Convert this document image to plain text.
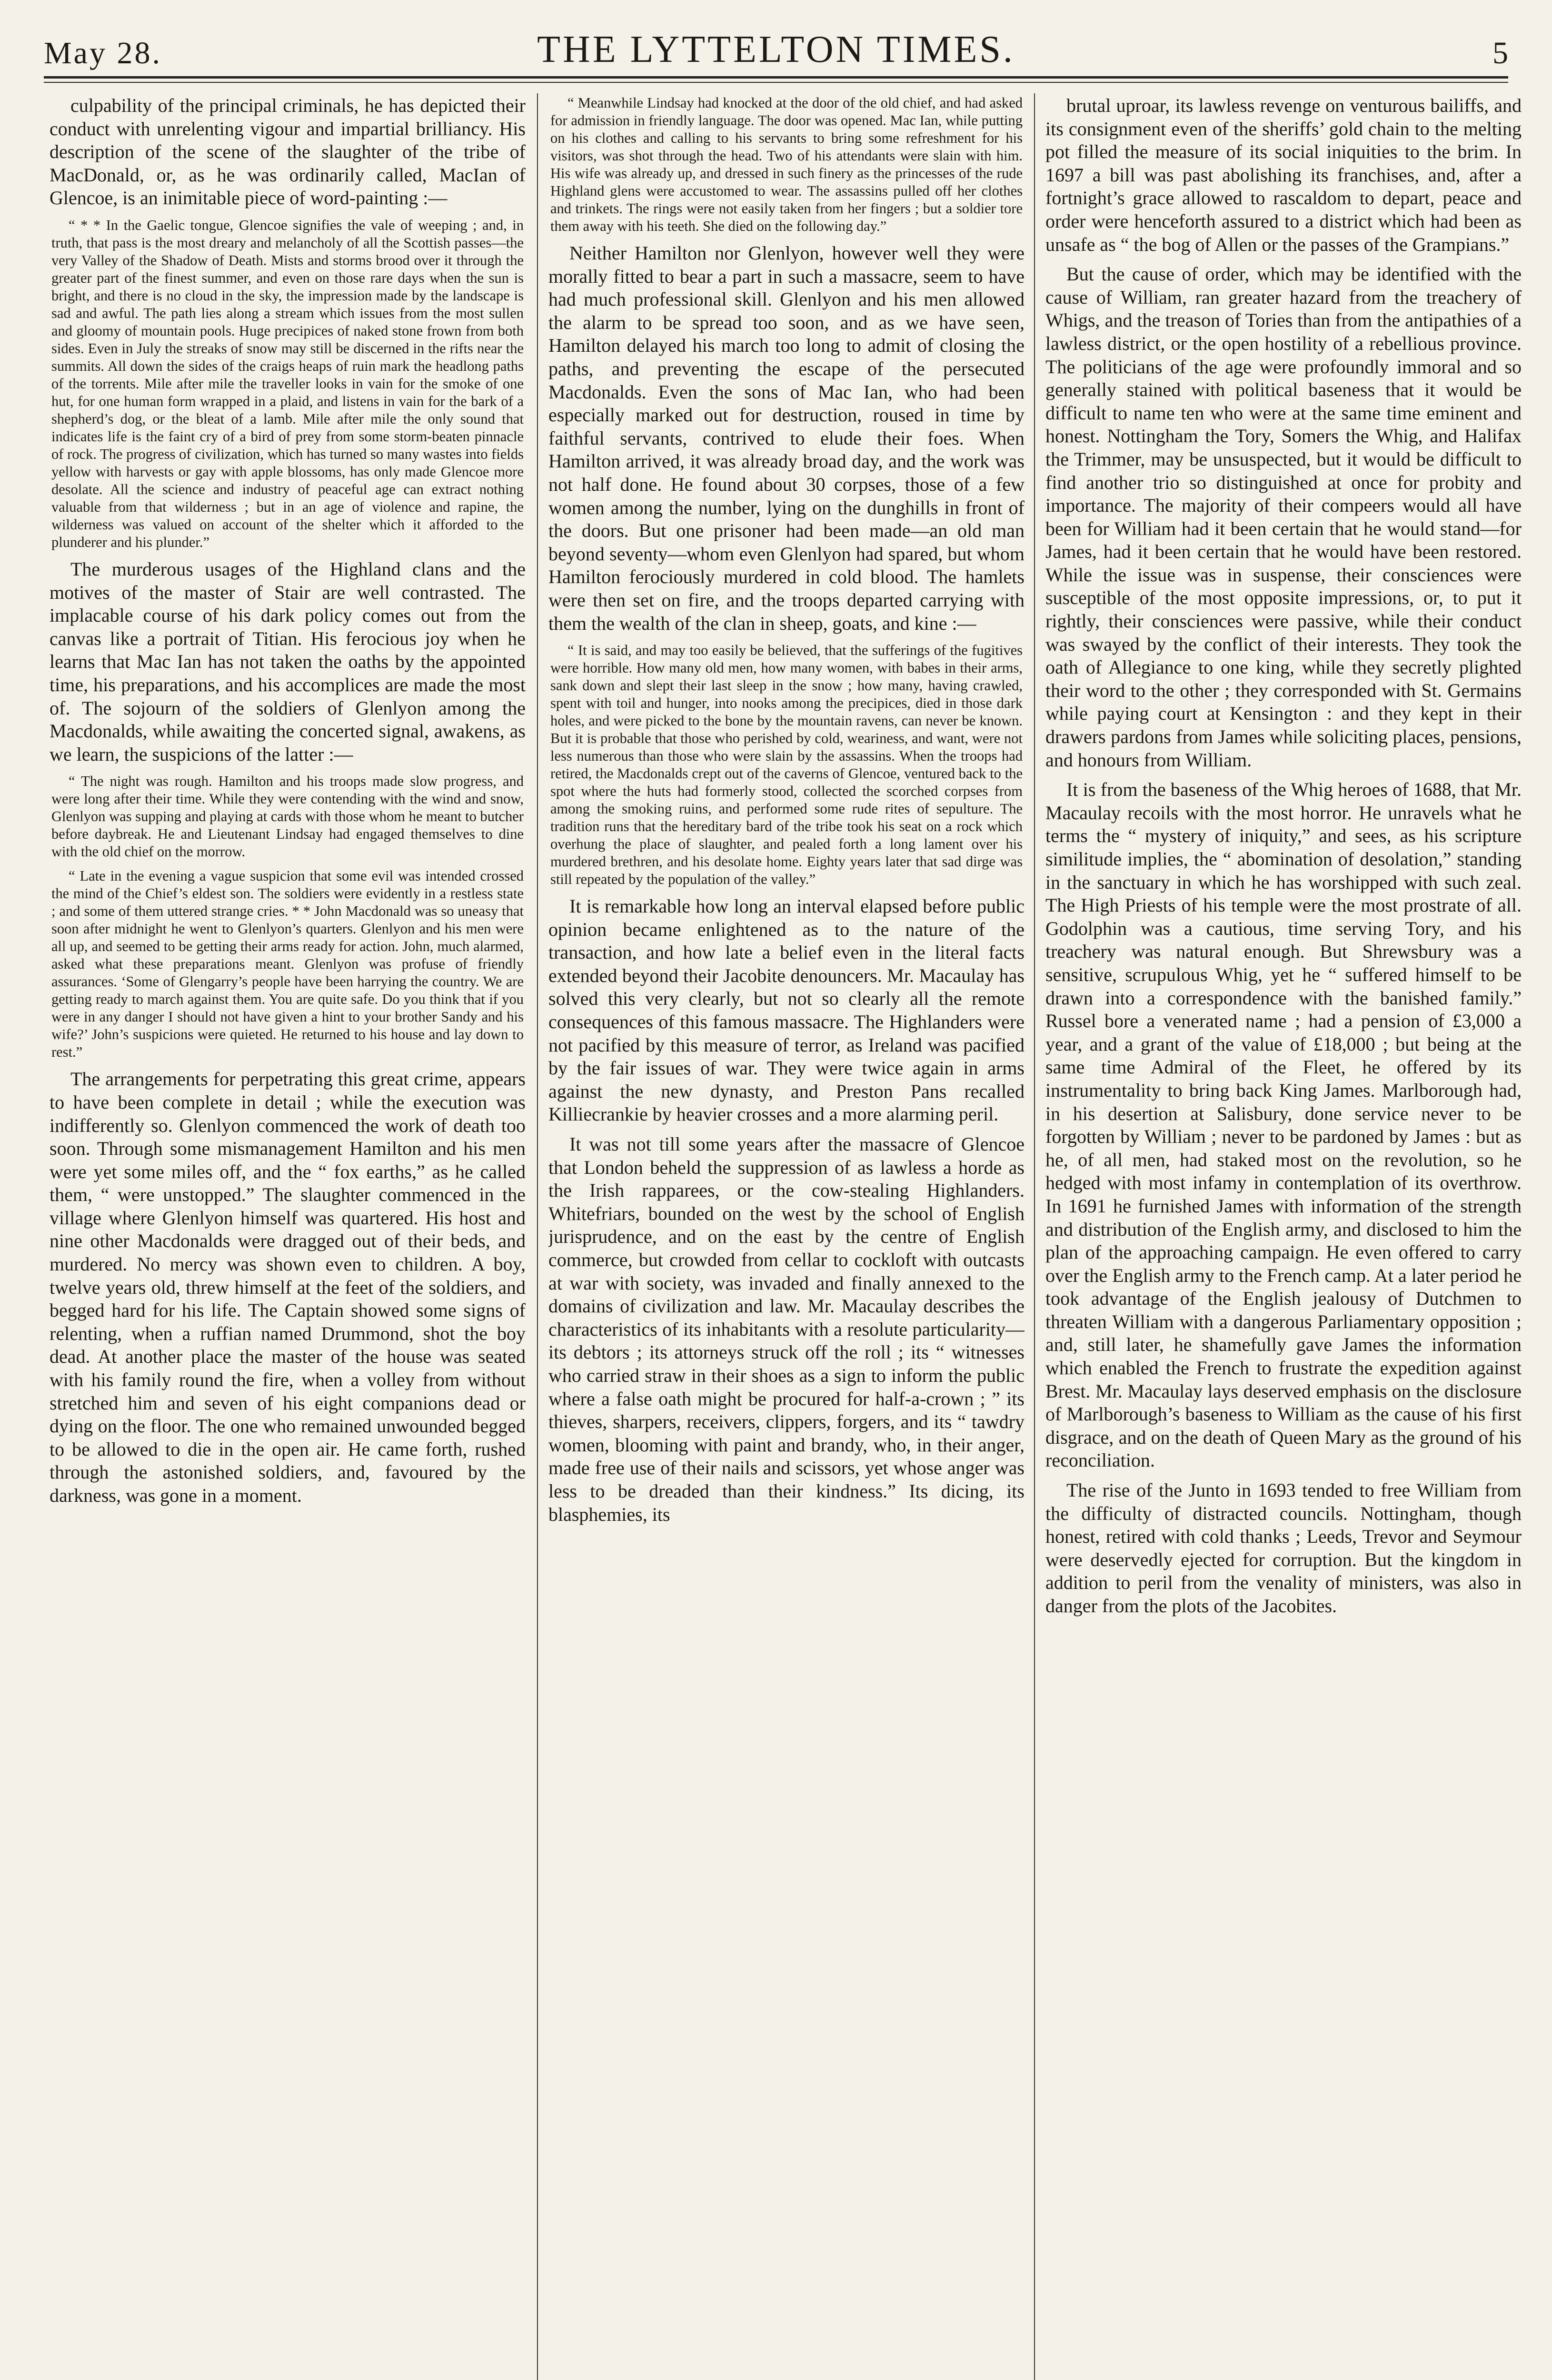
May 28.	THE LYTTELTON TIMES.	5

culpability of the principal criminals, he has depicted their conduct with unrelenting vigour and impartial brilliancy. His description of the scene of the slaughter of the tribe of MacDonald, or, as he was ordinarily called, MacIan of Glencoe, is an inimitable piece of word-painting :—

“ * * In the Gaelic tongue, Glencoe signifies the vale of weeping ; and, in truth, that pass is the most dreary and melancholy of all the Scottish passes—the very Valley of the Shadow of Death. Mists and storms brood over it through the greater part of the finest summer, and even on those rare days when the sun is bright, and there is no cloud in the sky, the impression made by the landscape is sad and awful. The path lies along a stream which issues from the most sullen and gloomy of mountain pools. Huge precipices of naked stone frown from both sides. Even in July the streaks of snow may still be discerned in the rifts near the summits. All down the sides of the craigs heaps of ruin mark the headlong paths of the torrents. Mile after mile the traveller looks in vain for the smoke of one hut, for one human form wrapped in a plaid, and listens in vain for the bark of a shepherd’s dog, or the bleat of a lamb. Mile after mile the only sound that indicates life is the faint cry of a bird of prey from some storm-beaten pinnacle of rock. The progress of civilization, which has turned so many wastes into fields yellow with harvests or gay with apple blossoms, has only made Glencoe more desolate. All the science and industry of peaceful age can extract nothing valuable from that wilderness ; but in an age of violence and rapine, the wilderness was valued on account of the shelter which it afforded to the plunderer and his plunder.”

The murderous usages of the Highland clans and the motives of the master of Stair are well contrasted. The implacable course of his dark policy comes out from the canvas like a portrait of Titian. His ferocious joy when he learns that Mac Ian has not taken the oaths by the appointed time, his preparations, and his accomplices are made the most of. The sojourn of the soldiers of Glenlyon among the Macdonalds, while awaiting the concerted signal, awakens, as we learn, the suspicions of the latter :—

“ The night was rough. Hamilton and his troops made slow progress, and were long after their time. While they were contending with the wind and snow, Glenlyon was supping and playing at cards with those whom he meant to butcher before daybreak. He and Lieutenant Lindsay had engaged themselves to dine with the old chief on the morrow.

“ Late in the evening a vague suspicion that some evil was intended crossed the mind of the Chief’s eldest son. The soldiers were evidently in a restless state ; and some of them uttered strange cries. * * John Macdonald was so uneasy that soon after midnight he went to Glenlyon’s quarters. Glenlyon and his men were all up, and seemed to be getting their arms ready for action. John, much alarmed, asked what these preparations meant. Glenlyon was profuse of friendly assurances. ‘Some of Glengarry’s people have been harrying the country. We are getting ready to march against them. You are quite safe. Do you think that if you were in any danger I should not have given a hint to your brother Sandy and his wife?’ John’s suspicions were quieted. He returned to his house and lay down to rest.”

The arrangements for perpetrating this great crime, appears to have been complete in detail ; while the execution was indifferently so. Glenlyon commenced the work of death too soon. Through some mismanagement Hamilton and his men were yet some miles off, and the “ fox earths,” as he called them, “ were unstopped.” The slaughter commenced in the village where Glenlyon himself was quartered. His host and nine other Macdonalds were dragged out of their beds, and murdered. No mercy was shown even to children. A boy, twelve years old, threw himself at the feet of the soldiers, and begged hard for his life. The Captain showed some signs of relenting, when a ruffian named Drummond, shot the boy dead. At another place the master of the house was seated with his family round the fire, when a volley from without stretched him and seven of his eight companions dead or dying on the floor. The one who remained unwounded begged to be allowed to die in the open air. He came forth, rushed through the astonished soldiers, and, favoured by the darkness, was gone in a moment.

“ Meanwhile Lindsay had knocked at the door of the old chief, and had asked for admission in friendly language. The door was opened. Mac Ian, while putting on his clothes and calling to his servants to bring some refreshment for his visitors, was shot through the head. Two of his attendants were slain with him. His wife was already up, and dressed in such finery as the princesses of the rude Highland glens were accustomed to wear. The assassins pulled off her clothes and trinkets. The rings were not easily taken from her fingers ; but a soldier tore them away with his teeth. She died on the following day.”

Neither Hamilton nor Glenlyon, however well they were morally fitted to bear a part in such a massacre, seem to have had much professional skill. Glenlyon and his men allowed the alarm to be spread too soon, and as we have seen, Hamilton delayed his march too long to admit of closing the paths, and preventing the escape of the persecuted Macdonalds. Even the sons of Mac Ian, who had been especially marked out for destruction, roused in time by faithful servants, contrived to elude their foes. When Hamilton arrived, it was already broad day, and the work was not half done. He found about 30 corpses, those of a few women among the number, lying on the dunghills in front of the doors. But one prisoner had been made—an old man beyond seventy—whom even Glenlyon had spared, but whom Hamilton ferociously murdered in cold blood. The hamlets were then set on fire, and the troops departed carrying with them the wealth of the clan in sheep, goats, and kine :—

“ It is said, and may too easily be believed, that the sufferings of the fugitives were horrible. How many old men, how many women, with babes in their arms, sank down and slept their last sleep in the snow ; how many, having crawled, spent with toil and hunger, into nooks among the precipices, died in those dark holes, and were picked to the bone by the mountain ravens, can never be known. But it is probable that those who perished by cold, weariness, and want, were not less numerous than those who were slain by the assassins. When the troops had retired, the Macdonalds crept out of the caverns of Glencoe, ventured back to the spot where the huts had formerly stood, collected the scorched corpses from among the smoking ruins, and performed some rude rites of sepulture. The tradition runs that the hereditary bard of the tribe took his seat on a rock which overhung the place of slaughter, and pealed forth a long lament over his murdered brethren, and his desolate home. Eighty years later that sad dirge was still repeated by the population of the valley.”

It is remarkable how long an interval elapsed before public opinion became enlightened as to the nature of the transaction, and how late a belief even in the literal facts extended beyond their Jacobite denouncers. Mr. Macaulay has solved this very clearly, but not so clearly all the remote consequences of this famous massacre. The Highlanders were not pacified by this measure of terror, as Ireland was pacified by the fair issues of war. They were twice again in arms against the new dynasty, and Preston Pans recalled Killiecrankie by heavier crosses and a more alarming peril.

It was not till some years after the massacre of Glencoe that London beheld the suppression of as lawless a horde as the Irish rapparees, or the cow-stealing Highlanders. Whitefriars, bounded on the west by the school of English jurisprudence, and on the east by the centre of English commerce, but crowded from cellar to cockloft with outcasts at war with society, was invaded and finally annexed to the domains of civilization and law. Mr. Macaulay describes the characteristics of its inhabitants with a resolute particularity—its debtors ; its attorneys struck off the roll ; its “ witnesses who carried straw in their shoes as a sign to inform the public where a false oath might be procured for half-a-crown ; ” its thieves, sharpers, receivers, clippers, forgers, and its “ tawdry women, blooming with paint and brandy, who, in their anger, made free use of their nails and scissors, yet whose anger was less to be dreaded than their kindness.” Its dicing, its blasphemies, its

brutal uproar, its lawless revenge on venturous bailiffs, and its consignment even of the sheriffs’ gold chain to the melting pot filled the measure of its social iniquities to the brim. In 1697 a bill was past abolishing its franchises, and, after a fortnight’s grace allowed to rascaldom to depart, peace and order were henceforth assured to a district which had been as unsafe as “ the bog of Allen or the passes of the Grampians.”

But the cause of order, which may be identified with the cause of William, ran greater hazard from the treachery of Whigs, and the treason of Tories than from the antipathies of a lawless district, or the open hostility of a rebellious province. The politicians of the age were profoundly immoral and so generally stained with political baseness that it would be difficult to name ten who were at the same time eminent and honest. Nottingham the Tory, Somers the Whig, and Halifax the Trimmer, may be unsuspected, but it would be difficult to find another trio so distinguished at once for probity and importance. The majority of their compeers would all have been for William had it been certain that he would stand—for James, had it been certain that he would have been restored. While the issue was in suspense, their consciences were susceptible of the most opposite impressions, or, to put it rightly, their consciences were passive, while their conduct was swayed by the conflict of their interests. They took the oath of Allegiance to one king, while they secretly plighted their word to the other ; they corresponded with St. Germains while paying court at Kensington : and they kept in their drawers pardons from James while soliciting places, pensions, and honours from William.

It is from the baseness of the Whig heroes of 1688, that Mr. Macaulay recoils with the most horror. He unravels what he terms the “ mystery of iniquity,” and sees, as his scripture similitude implies, the “ abomination of desolation,” standing in the sanctuary in which he has worshipped with such zeal. The High Priests of his temple were the most prostrate of all. Godolphin was a cautious, time serving Tory, and his treachery was natural enough. But Shrewsbury was a sensitive, scrupulous Whig, yet he “ suffered himself to be drawn into a correspondence with the banished family.” Russel bore a venerated name ; had a pension of £3,000 a year, and a grant of the value of £18,000 ; but being at the same time Admiral of the Fleet, he offered by its instrumentality to bring back King James. Marlborough had, in his desertion at Salisbury, done service never to be forgotten by William ; never to be pardoned by James : but as he, of all men, had staked most on the revolution, so he hedged with most infamy in contemplation of its overthrow. In 1691 he furnished James with information of the strength and distribution of the English army, and disclosed to him the plan of the approaching campaign. He even offered to carry over the English army to the French camp. At a later period he took advantage of the English jealousy of Dutchmen to threaten William with a dangerous Parliamentary opposition ; and, still later, he shamefully gave James the information which enabled the French to frustrate the expedition against Brest. Mr. Macaulay lays deserved emphasis on the disclosure of Marlborough’s baseness to William as the cause of his first disgrace, and on the death of Queen Mary as the ground of his reconciliation.

The rise of the Junto in 1693 tended to free William from the difficulty of distracted councils. Nottingham, though honest, retired with cold thanks ; Leeds, Trevor and Seymour were deservedly ejected for corruption. But the kingdom in addition to peril from the venality of ministers, was also in danger from the plots of the Jacobites.
